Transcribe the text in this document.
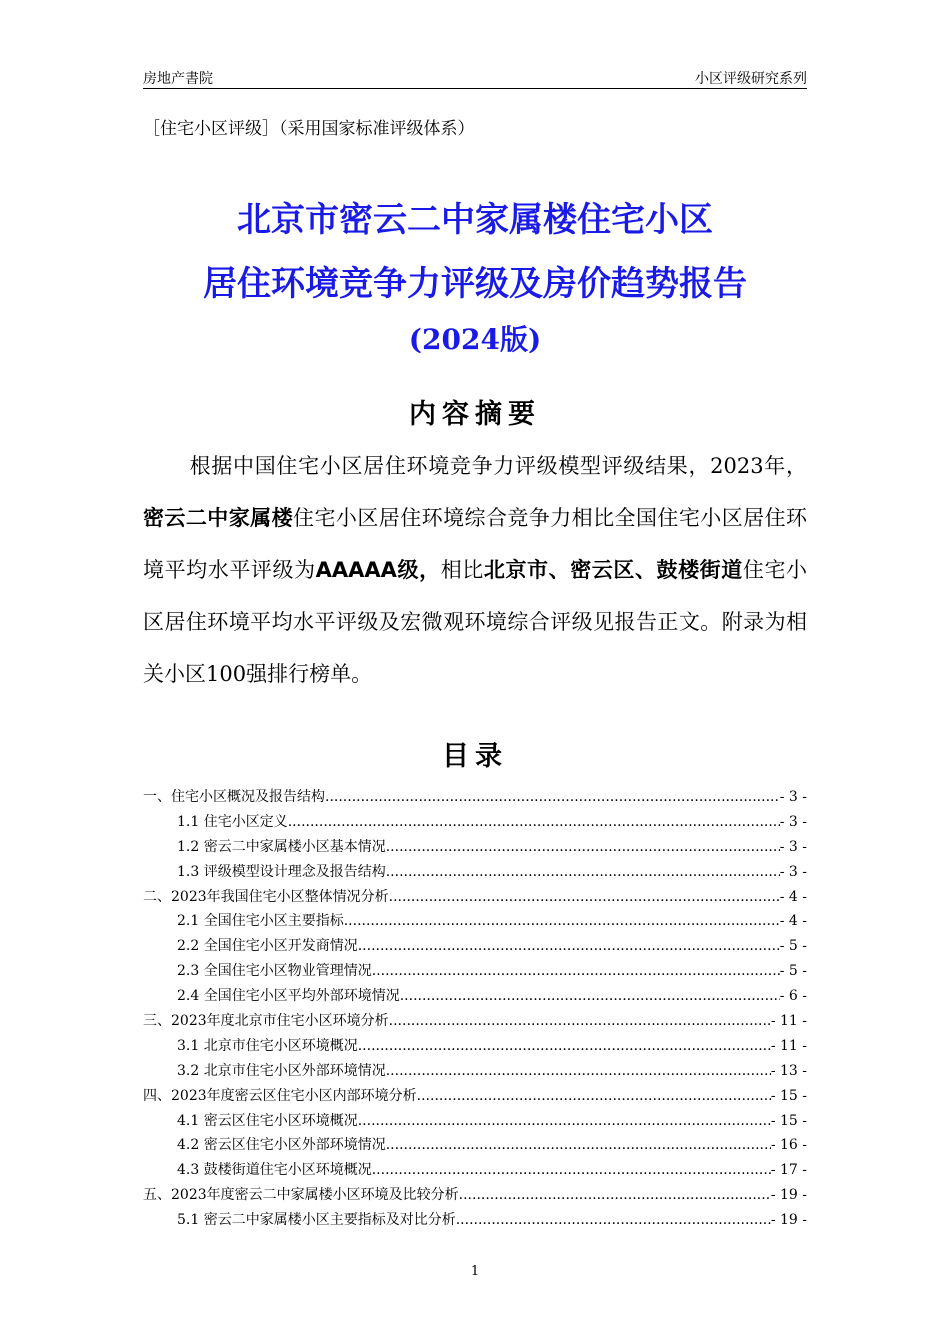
房地产書院	小区评级研究系列
［住宅小区评级］（采用国家标准评级体系）
北京市密云二中家属楼住宅小区
居住环境竞争力评级及房价趋势报告
(2024版)
内容摘要
根据中国住宅小区居住环境竞争力评级模型评级结果，2023年，密云二中家属楼住宅小区居住环境综合竞争力相比全国住宅小区居住环境平均水平评级为AAAAA级，相比北京市、密云区、鼓楼街道住宅小区居住环境平均水平评级及宏微观环境综合评级见报告正文。附录为相关小区100强排行榜单。
目录
一、住宅小区概况及报告结构 .....	- 3 -
1.1 住宅小区定义 .....	- 3 -
1.2 密云二中家属楼小区基本情况 .....	- 3 -
1.3 评级模型设计理念及报告结构 .....	- 3 -
二、2023年我国住宅小区整体情况分析 .....	- 4 -
2.1 全国住宅小区主要指标 .....	- 4 -
2.2 全国住宅小区开发商情况 .....	- 5 -
2.3 全国住宅小区物业管理情况 .....	- 5 -
2.4 全国住宅小区平均外部环境情况 .....	- 6 -
三、2023年度北京市住宅小区环境分析 .....	- 11 -
3.1 北京市住宅小区环境概况 .....	- 11 -
3.2 北京市住宅小区外部环境情况 .....	- 13 -
四、2023年度密云区住宅小区内部环境分析 .....	- 15 -
4.1 密云区住宅小区环境概况 .....	- 15 -
4.2 密云区住宅小区外部环境情况 .....	- 16 -
4.3 鼓楼街道住宅小区环境概况 .....	- 17 -
五、2023年度密云二中家属楼小区环境及比较分析 .....	- 19 -
5.1 密云二中家属楼小区主要指标及对比分析 .....	- 19 -
1
